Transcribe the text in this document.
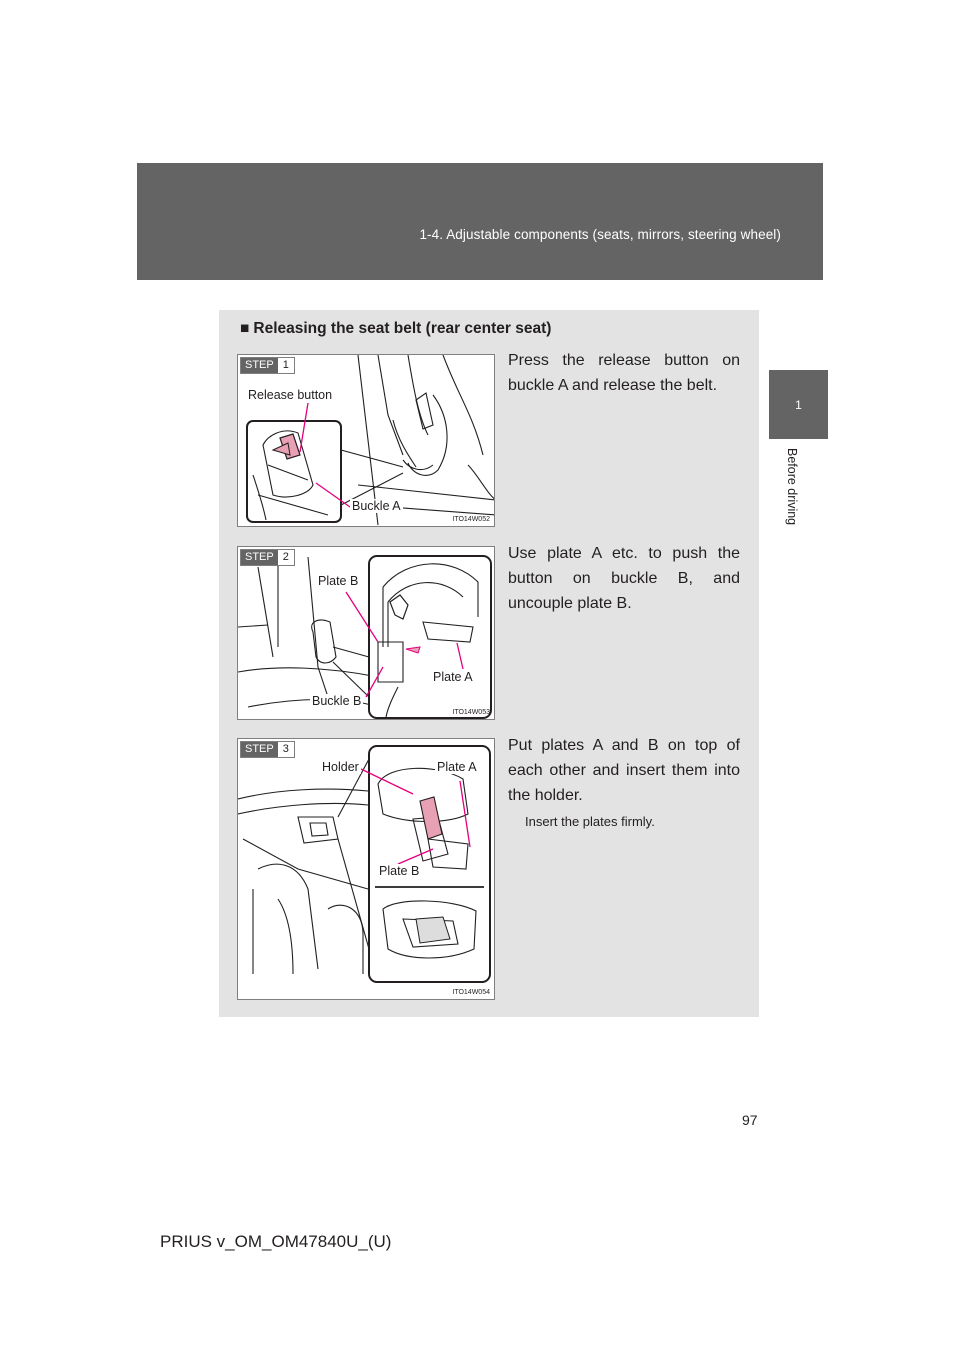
1-4. Adjustable components (seats, mirrors, steering wheel)
1
Before driving
■ Releasing the seat belt (rear center seat)
STEP 1
Release button
Buckle A
ITO14W052
Press the release button on buckle A and release the belt.
STEP 2
Plate B
Plate A
Buckle B
ITO14W053
Use plate A etc. to push the button on buckle B, and uncouple plate B.
STEP 3
Holder	Plate A
Plate B
ITO14W054
Put plates A and B on top of each other and insert them into the holder.
Insert the plates firmly.
97
PRIUS v_OM_OM47840U_(U)
